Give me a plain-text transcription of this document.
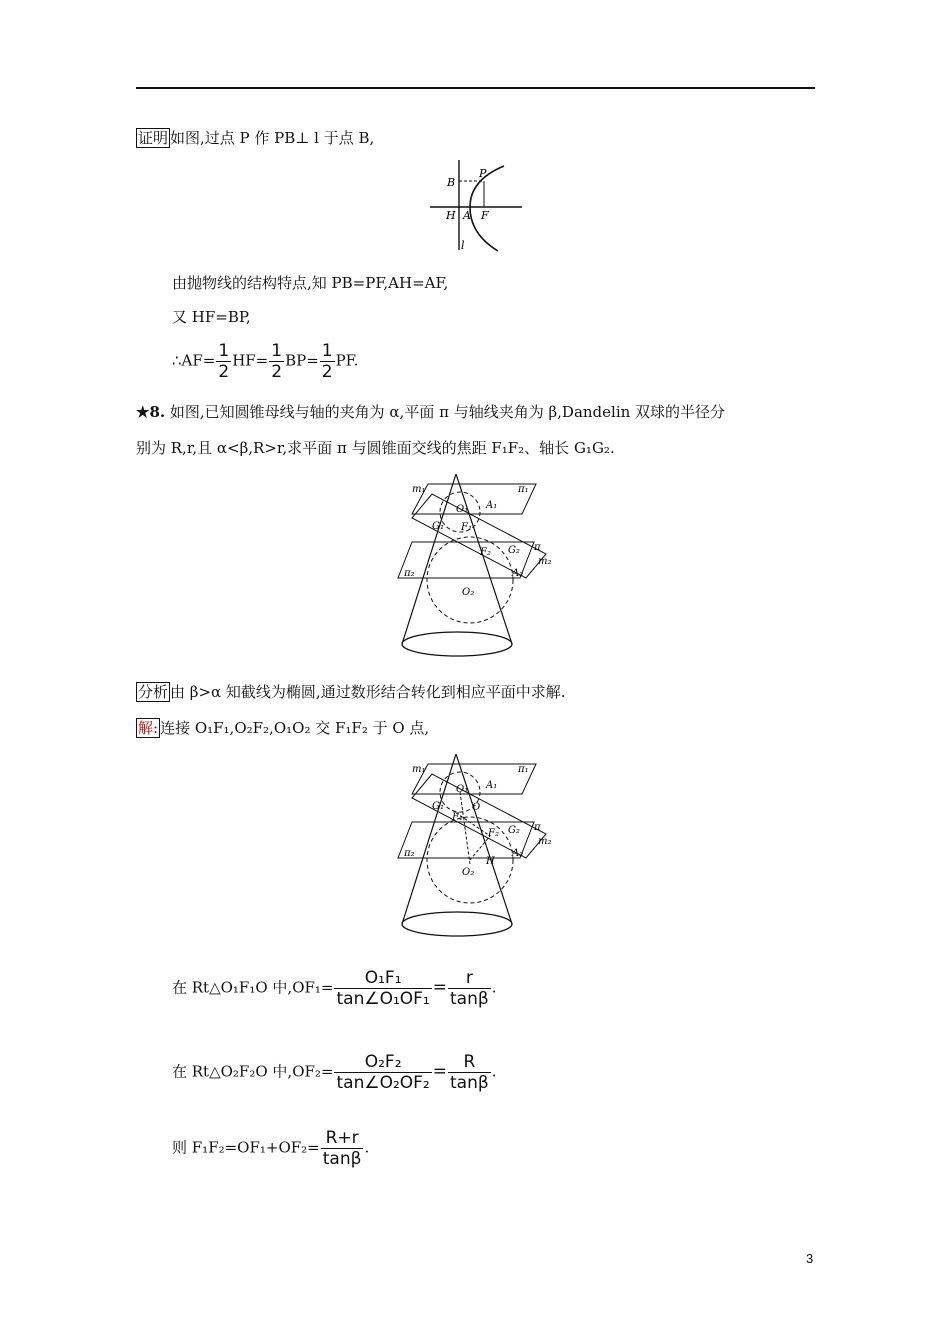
证明 如图,过点 P 作 PB⊥ l 于点 B,
B
P
H A F
l
由抛物线的结构特点,知 PB=PF,AH=AF,
又 HF=BP,
∴AF= $\frac{1}{2} HF= \frac{1}{2} BP= \frac{1}{2}$ PF.
★8. 如图,已知圆锥母线与轴的夹角为 α,平面 π 与轴线夹角为 β,Dandelin 双球的半径分
别为 R,r,且 α<β,R>r,求平面 π 与圆锥面交线的焦距 F₁F₂、轴长 G₁G₂.
m₁	π₁
O₁ A₁
F₁
G₁
F₂ G₂ π
π₂	A₂
m₂
O₂
分析 由 β>α 知截线为椭圆,通过数形结合转化到相应平面中求解.
解: 连接 O₁F₁,O₂F₂,O₁O₂ 交 F₁F₂ 于 O 点,
m₁	π₁
O₁ A₁
O
F₁
G₁
F₂ G₂ π
π₂	A₂
m₂
H
O₂
在 Rt△O₁F₁O 中$,OF_1= \frac{\text{O₁F₁}}{\text{tan∠O₁OF₁}} = \frac{r}{\tan\beta}$ .
在 Rt△O₂F₂O 中$,OF_2= \frac{\text{O₂F₂}}{\text{tan∠O₂OF₂}} = \frac{R}{\tan\beta}$ .
则 $F_1F_2=OF_1+OF_2= \frac{R+r}{\tan\beta}$ .
3
